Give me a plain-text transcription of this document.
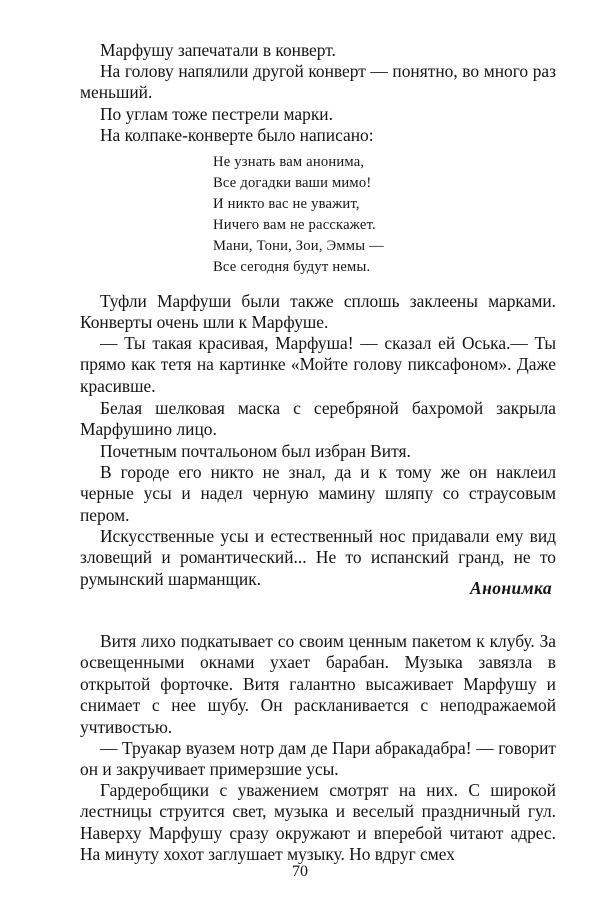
Марфушу запечатали в конверт.

На голову напялили другой конверт — понятно, во много раз меньший.

По углам тоже пестрели марки.

На колпаке-конверте было написано:

Не узнать вам анонима,
Все догадки ваши мимо!
И никто вас не уважит,
Ничего вам не расскажет.
Мани, Тони, Зои, Эммы —
Все сегодня будут немы.

Туфли Марфуши были также сплошь заклеены марками. Конверты очень шли к Марфуше.

— Ты такая красивая, Марфуша! — сказал ей Оська.— Ты прямо как тетя на картинке «Мойте голову пиксафоном». Даже красивше.

Белая шелковая маска с серебряной бахромой закрыла Марфушино лицо.

Почетным почтальоном был избран Витя.

В городе его никто не знал, да и к тому же он наклеил черные усы и надел черную мамину шляпу со страусовым пером.

Искусственные усы и естественный нос придавали ему вид зловещий и романтический... Не то испанский гранд, не то румынский шарманщик.	Анонимка

Витя лихо подкатывает со своим ценным пакетом к клубу. За освещенными окнами ухает барабан. Музыка завязла в открытой форточке. Витя галантно высаживает Марфушу и снимает с нее шубу. Он раскланивается с неподражаемой учтивостью.

— Труакар вуазем нотр дам де Пари абракадабра! — говорит он и закручивает примерзшие усы.

Гардеробщики с уважением смотрят на них. С широкой лестницы струится свет, музыка и веселый праздничный гул. Наверху Марфушу сразу окружают и вперебой читают адрес. На минуту хохот заглушает музыку. Но вдруг смех

70
